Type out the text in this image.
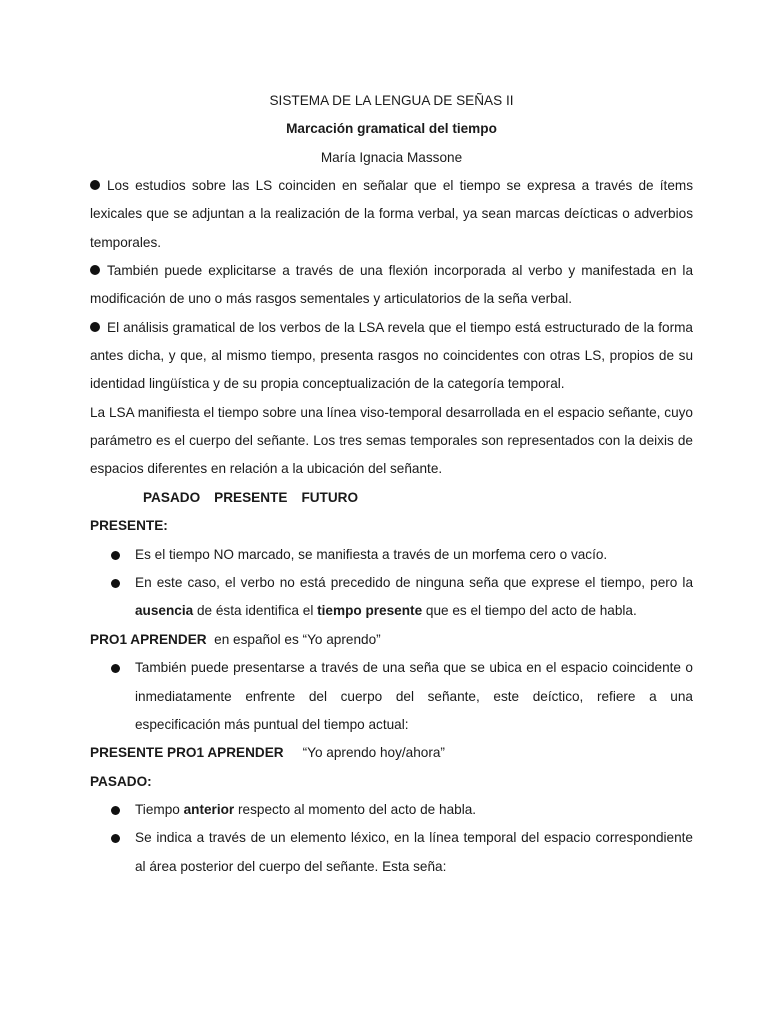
SISTEMA DE LA LENGUA DE SEÑAS II
Marcación gramatical del tiempo
María Ignacia Massone
Los estudios sobre las LS coinciden en señalar que el tiempo se expresa a través de ítems
lexicales que se adjuntan a la realización de la forma verbal, ya sean marcas deícticas o adverbios
temporales.
También puede explicitarse a través de una flexión incorporada al verbo y manifestada en la
modificación de uno o más rasgos sementales y articulatorios de la seña verbal.
El análisis gramatical de los verbos de la LSA revela que el tiempo está estructurado de la forma
antes dicha, y que, al mismo tiempo, presenta rasgos no coincidentes con otras LS, propios de su
identidad lingüística y de su propia conceptualización de la categoría temporal.
La LSA manifiesta el tiempo sobre una línea viso-temporal desarrollada en el espacio señante, cuyo
parámetro es el cuerpo del señante. Los tres semas temporales son representados con la deixis de
espacios diferentes en relación a la ubicación del señante.
PASADO PRESENTE FUTURO
PRESENTE:
Es el tiempo NO marcado, se manifiesta a través de un morfema cero o vacío.
En este caso, el verbo no está precedido de ninguna seña que exprese el tiempo, pero la
ausencia de ésta identifica el tiempo presente que es el tiempo del acto de habla.
PRO1 APRENDER  en español es “Yo aprendo”
También puede presentarse a través de una seña que se ubica en el espacio coincidente o
inmediatamente enfrente del cuerpo del señante, este deíctico, refiere a una
especificación más puntual del tiempo actual:
PRESENTE PRO1 APRENDER “Yo aprendo hoy/ahora”
PASADO:
Tiempo anterior respecto al momento del acto de habla.
Se indica a través de un elemento léxico, en la línea temporal del espacio correspondiente
al área posterior del cuerpo del señante. Esta seña:
